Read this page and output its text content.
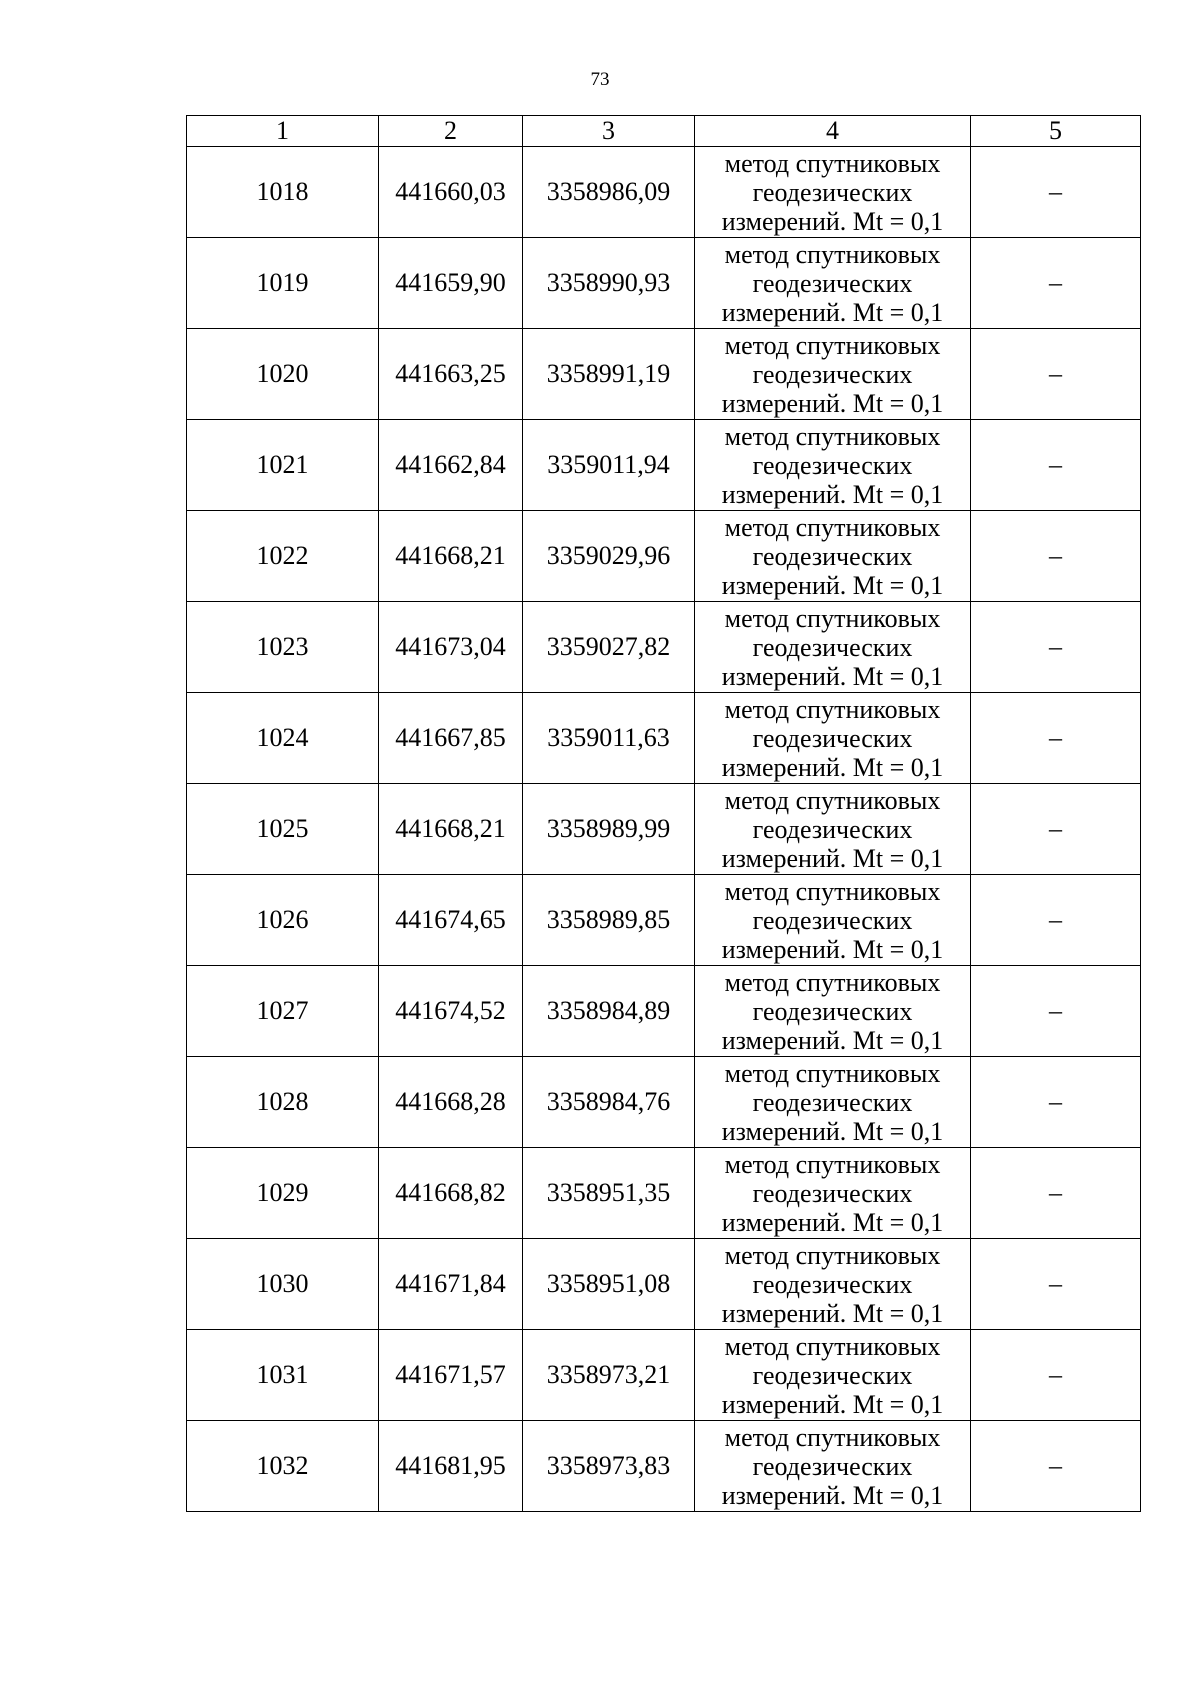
73
1	2	3	4	5
1018	441660,03	3358986,09	метод спутниковых
геодезических
измерений. Mt = 0,1	–
1019	441659,90	3358990,93	метод спутниковых
геодезических
измерений. Mt = 0,1	–
1020	441663,25	3358991,19	метод спутниковых
геодезических
измерений. Mt = 0,1	–
1021	441662,84	3359011,94	метод спутниковых
геодезических
измерений. Mt = 0,1	–
1022	441668,21	3359029,96	метод спутниковых
геодезических
измерений. Mt = 0,1	–
1023	441673,04	3359027,82	метод спутниковых
геодезических
измерений. Mt = 0,1	–
1024	441667,85	3359011,63	метод спутниковых
геодезических
измерений. Mt = 0,1	–
1025	441668,21	3358989,99	метод спутниковых
геодезических
измерений. Mt = 0,1	–
1026	441674,65	3358989,85	метод спутниковых
геодезических
измерений. Mt = 0,1	–
1027	441674,52	3358984,89	метод спутниковых
геодезических
измерений. Mt = 0,1	–
1028	441668,28	3358984,76	метод спутниковых
геодезических
измерений. Mt = 0,1	–
1029	441668,82	3358951,35	метод спутниковых
геодезических
измерений. Mt = 0,1	–
1030	441671,84	3358951,08	метод спутниковых
геодезических
измерений. Mt = 0,1	–
1031	441671,57	3358973,21	метод спутниковых
геодезических
измерений. Mt = 0,1	–
1032	441681,95	3358973,83	метод спутниковых
геодезических
измерений. Mt = 0,1	–
